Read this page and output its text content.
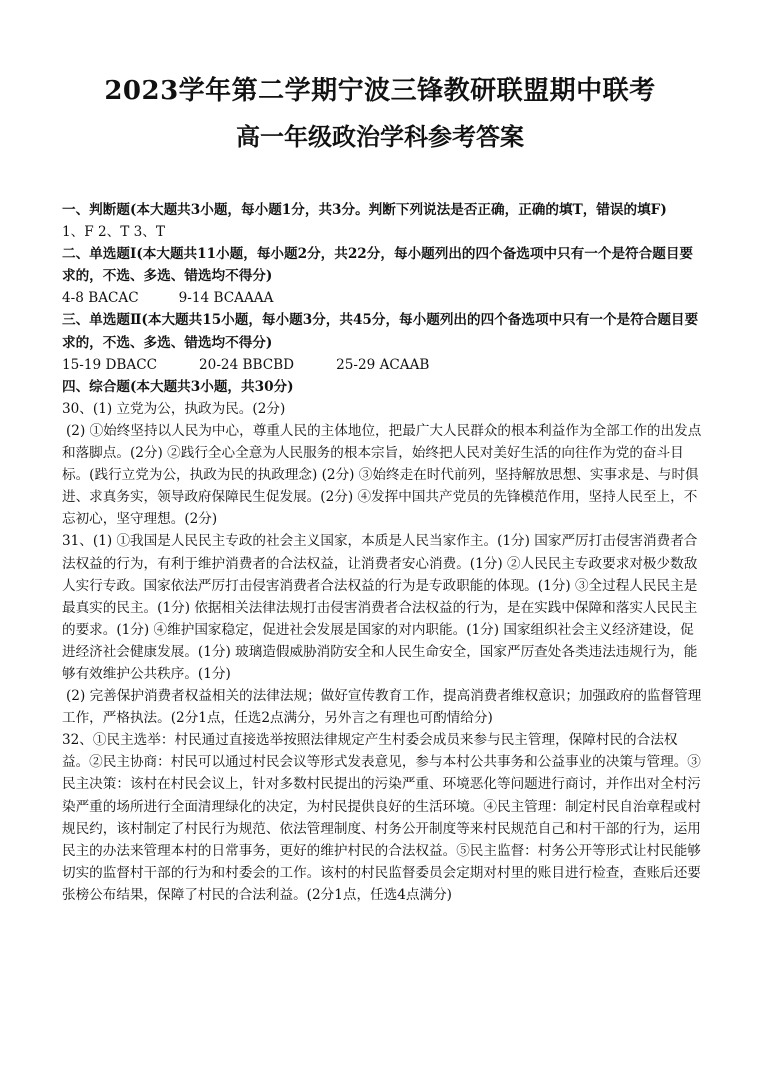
2023学年第二学期宁波三锋教研联盟期中联考
高一年级政治学科参考答案

一、判断题(本大题共3小题，每小题1分，共3分。判断下列说法是否正确，正确的填T，错误的填F)

1、F 2、T 3、T

二、单选题Ⅰ(本大题共11小题，每小题2分，共22分，每小题列出的四个备选项中只有一个是符合题目要求的，不选、多选、错选均不得分)

4-8 BACAC	9-14 BCAAAA

三、单选题Ⅱ(本大题共15小题，每小题3分，共45分，每小题列出的四个备选项中只有一个是符合题目要求的，不选、多选、错选均不得分)

15-19 DBACC	20-24 BBCBD	25-29 ACAAB

四、综合题(本大题共3小题，共30分)

30、(1) 立党为公，执政为民。(2分)

(2) ①始终坚持以人民为中心，尊重人民的主体地位，把最广大人民群众的根本利益作为全部工作的出发点和落脚点。(2分) ②践行全心全意为人民服务的根本宗旨，始终把人民对美好生活的向往作为党的奋斗目标。(践行立党为公，执政为民的执政理念) (2分) ③始终走在时代前列，坚持解放思想、实事求是、与时俱进、求真务实，领导政府保障民生促发展。(2分) ④发挥中国共产党员的先锋模范作用，坚持人民至上，不忘初心，坚守理想。(2分)

31、(1) ①我国是人民民主专政的社会主义国家，本质是人民当家作主。(1分) 国家严厉打击侵害消费者合法权益的行为，有利于维护消费者的合法权益，让消费者安心消费。(1分) ②人民民主专政要求对极少数敌人实行专政。国家依法严厉打击侵害消费者合法权益的行为是专政职能的体现。(1分) ③全过程人民民主是最真实的民主。(1分) 依据相关法律法规打击侵害消费者合法权益的行为，是在实践中保障和落实人民民主的要求。(1分) ④维护国家稳定，促进社会发展是国家的对内职能。(1分) 国家组织社会主义经济建设，促进经济社会健康发展。(1分) 玻璃造假威胁消防安全和人民生命安全，国家严厉查处各类违法违规行为，能够有效维护公共秩序。(1分)

(2) 完善保护消费者权益相关的法律法规；做好宣传教育工作，提高消费者维权意识；加强政府的监督管理工作，严格执法。(2分1点，任选2点满分，另外言之有理也可酌情给分)

32、①民主选举：村民通过直接选举按照法律规定产生村委会成员来参与民主管理，保障村民的合法权益。②民主协商：村民可以通过村民会议等形式发表意见，参与本村公共事务和公益事业的决策与管理。③民主决策：该村在村民会议上，针对多数村民提出的污染严重、环境恶化等问题进行商讨，并作出对全村污染严重的场所进行全面清理绿化的决定，为村民提供良好的生活环境。④民主管理：制定村民自治章程或村规民约，该村制定了村民行为规范、依法管理制度、村务公开制度等来村民规范自己和村干部的行为，运用民主的办法来管理本村的日常事务，更好的维护村民的合法权益。⑤民主监督：村务公开等形式让村民能够切实的监督村干部的行为和村委会的工作。该村的村民监督委员会定期对村里的账目进行检查，查账后还要张榜公布结果，保障了村民的合法利益。(2分1点，任选4点满分)
